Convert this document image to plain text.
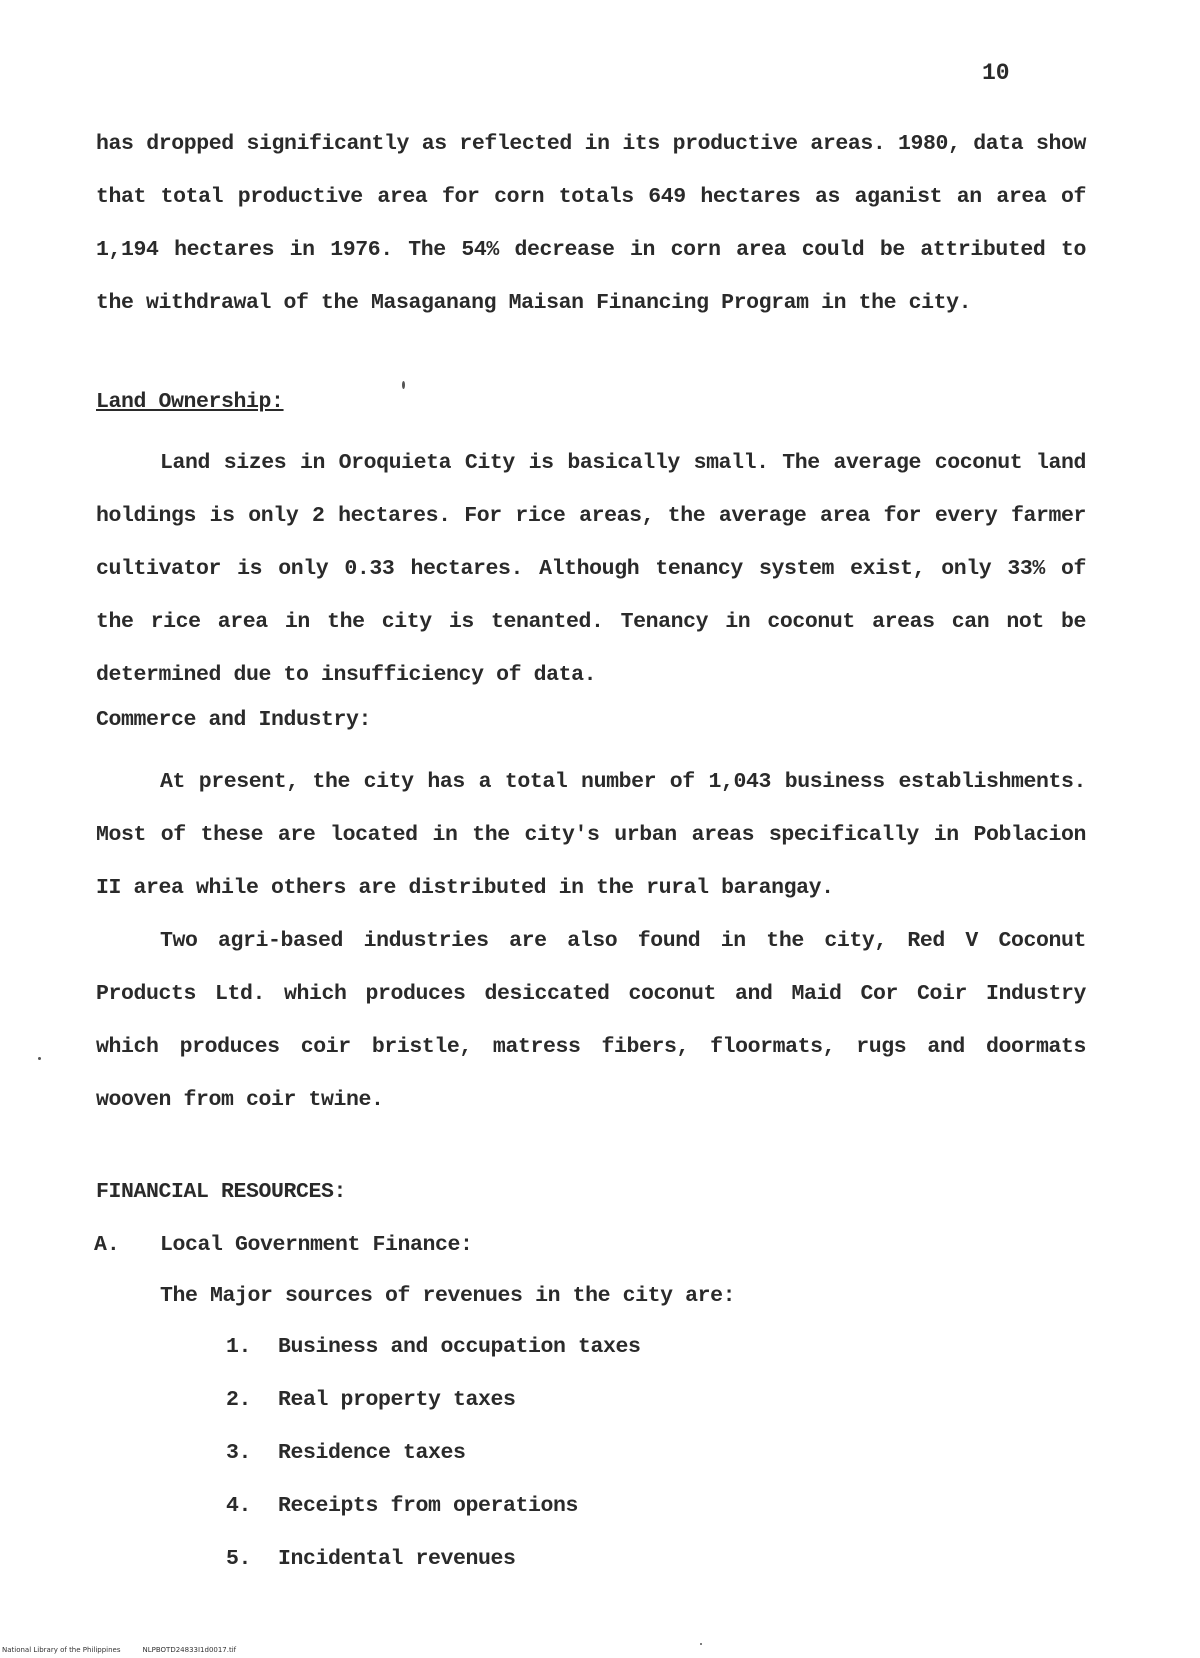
10

has dropped significantly as reflected in its productive areas. 1980, data show that total productive area for corn totals 649 hectares as aganist an area of 1,194 hectares in 1976. The 54% decrease in corn area could be attributed to the withdrawal of the Masaganang Maisan Financing Program in the city.

Land Ownership:

Land sizes in Oroquieta City is basically small. The average coconut land holdings is only 2 hectares. For rice areas, the average area for every farmer cultivator is only 0.33 hectares. Although tenancy system exist, only 33% of the rice area in the city is tenanted. Tenancy in coconut areas can not be determined due to insufficiency of data.

Commerce and Industry:

At present, the city has a total number of 1,043 business establishments. Most of these are located in the city's urban areas specifically in Poblacion II area while others are distributed in the rural barangay.

Two agri-based industries are also found in the city, Red V Coconut Products Ltd. which produces desiccated coconut and Maid Cor Coir Industry which produces coir bristle, matress fibers, floormats, rugs and doormats wooven from coir twine.

FINANCIAL RESOURCES:
A. Local Government Finance:
The Major sources of revenues in the city are:
1. Business and occupation taxes
2. Real property taxes
3. Residence taxes
4. Receipts from operations
5. Incidental revenues
National Library of the Philippines	NLPBOTD24833I1d0017.tif
